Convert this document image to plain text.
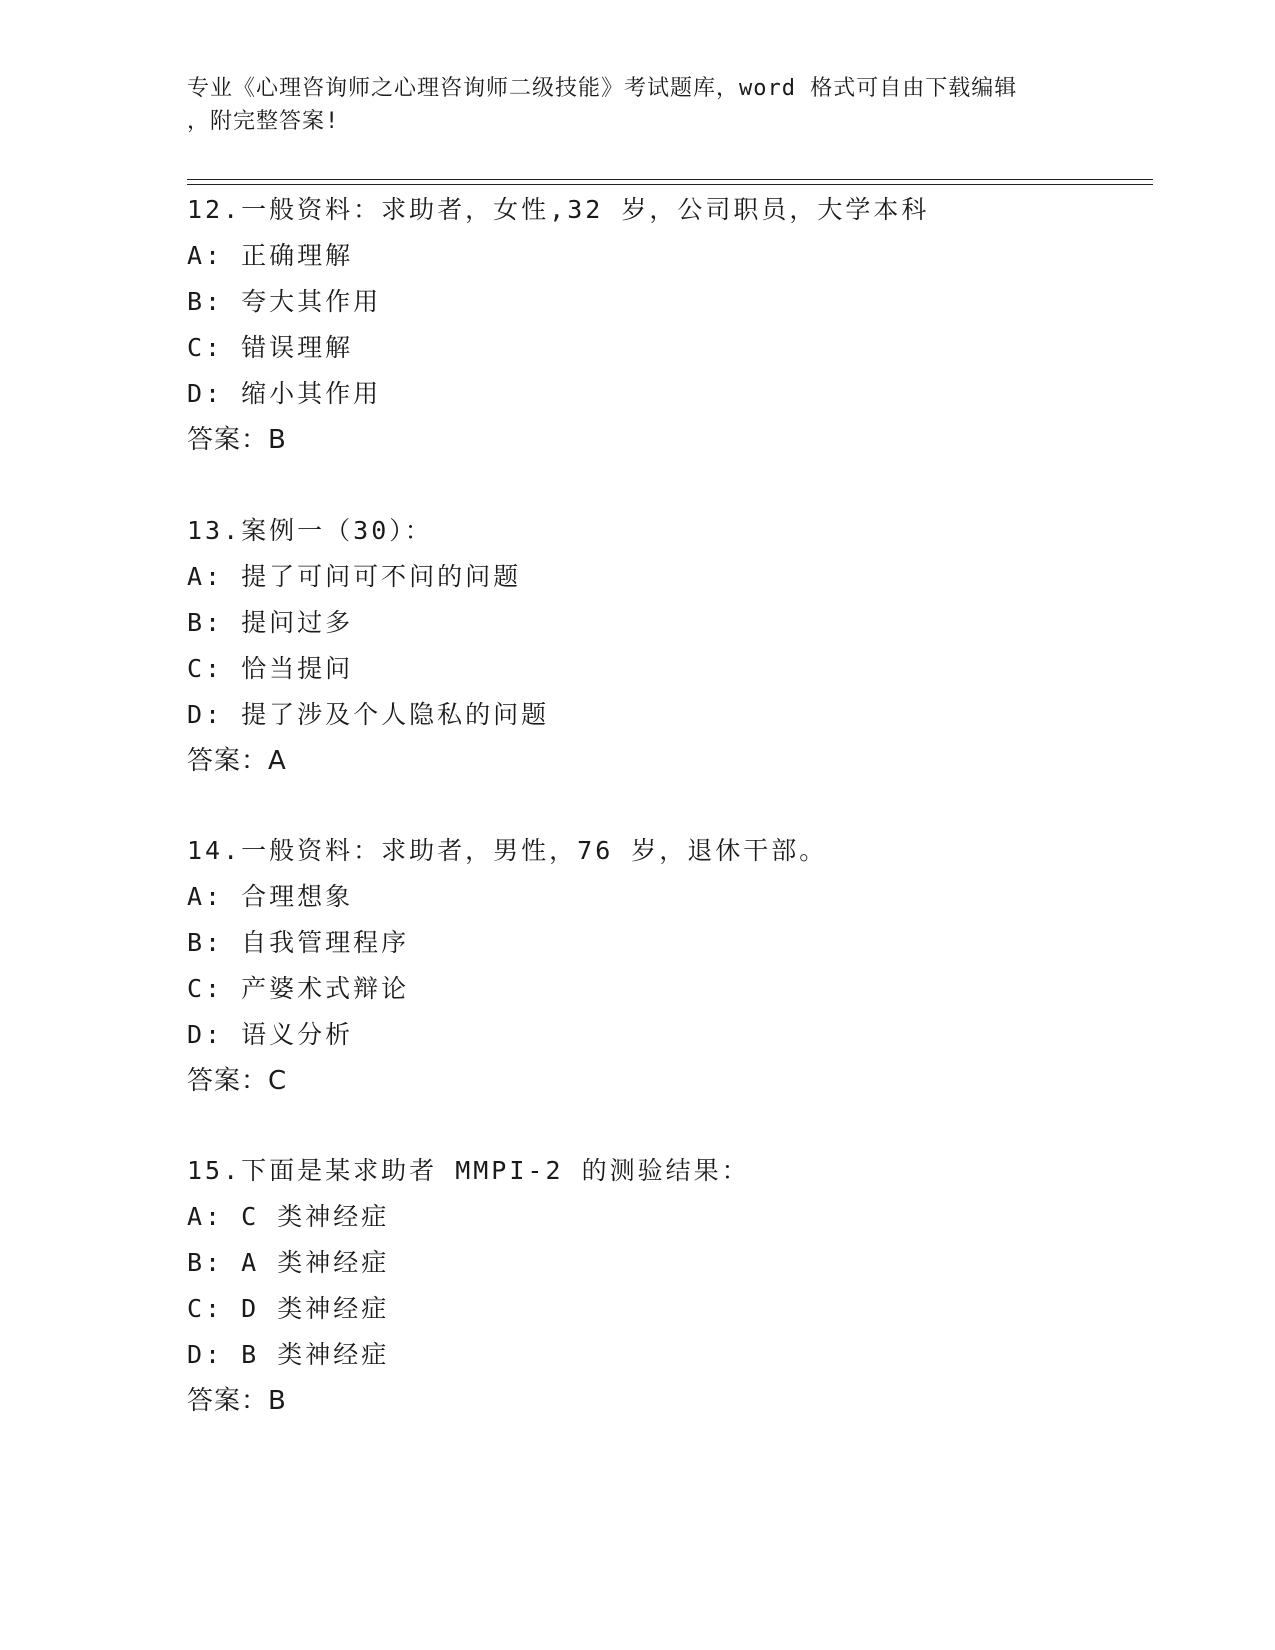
专业《心理咨询师之心理咨询师二级技能》考试题库，word 格式可自由下载编辑
，附完整答案!
12.一般资料：求助者，女性,32 岁，公司职员，大学本科
A: 正确理解
B: 夸大其作用
C: 错误理解
D: 缩小其作用
答案：B
13.案例一（30）：
A: 提了可问可不问的问题
B: 提问过多
C: 恰当提问
D: 提了涉及个人隐私的问题
答案：A
14.一般资料：求助者，男性，76 岁，退休干部。
A: 合理想象
B: 自我管理程序
C: 产婆术式辩论
D: 语义分析
答案：C
15.下面是某求助者 MMPI-2 的测验结果：
A: C 类神经症
B: A 类神经症
C: D 类神经症
D: B 类神经症
答案：B
